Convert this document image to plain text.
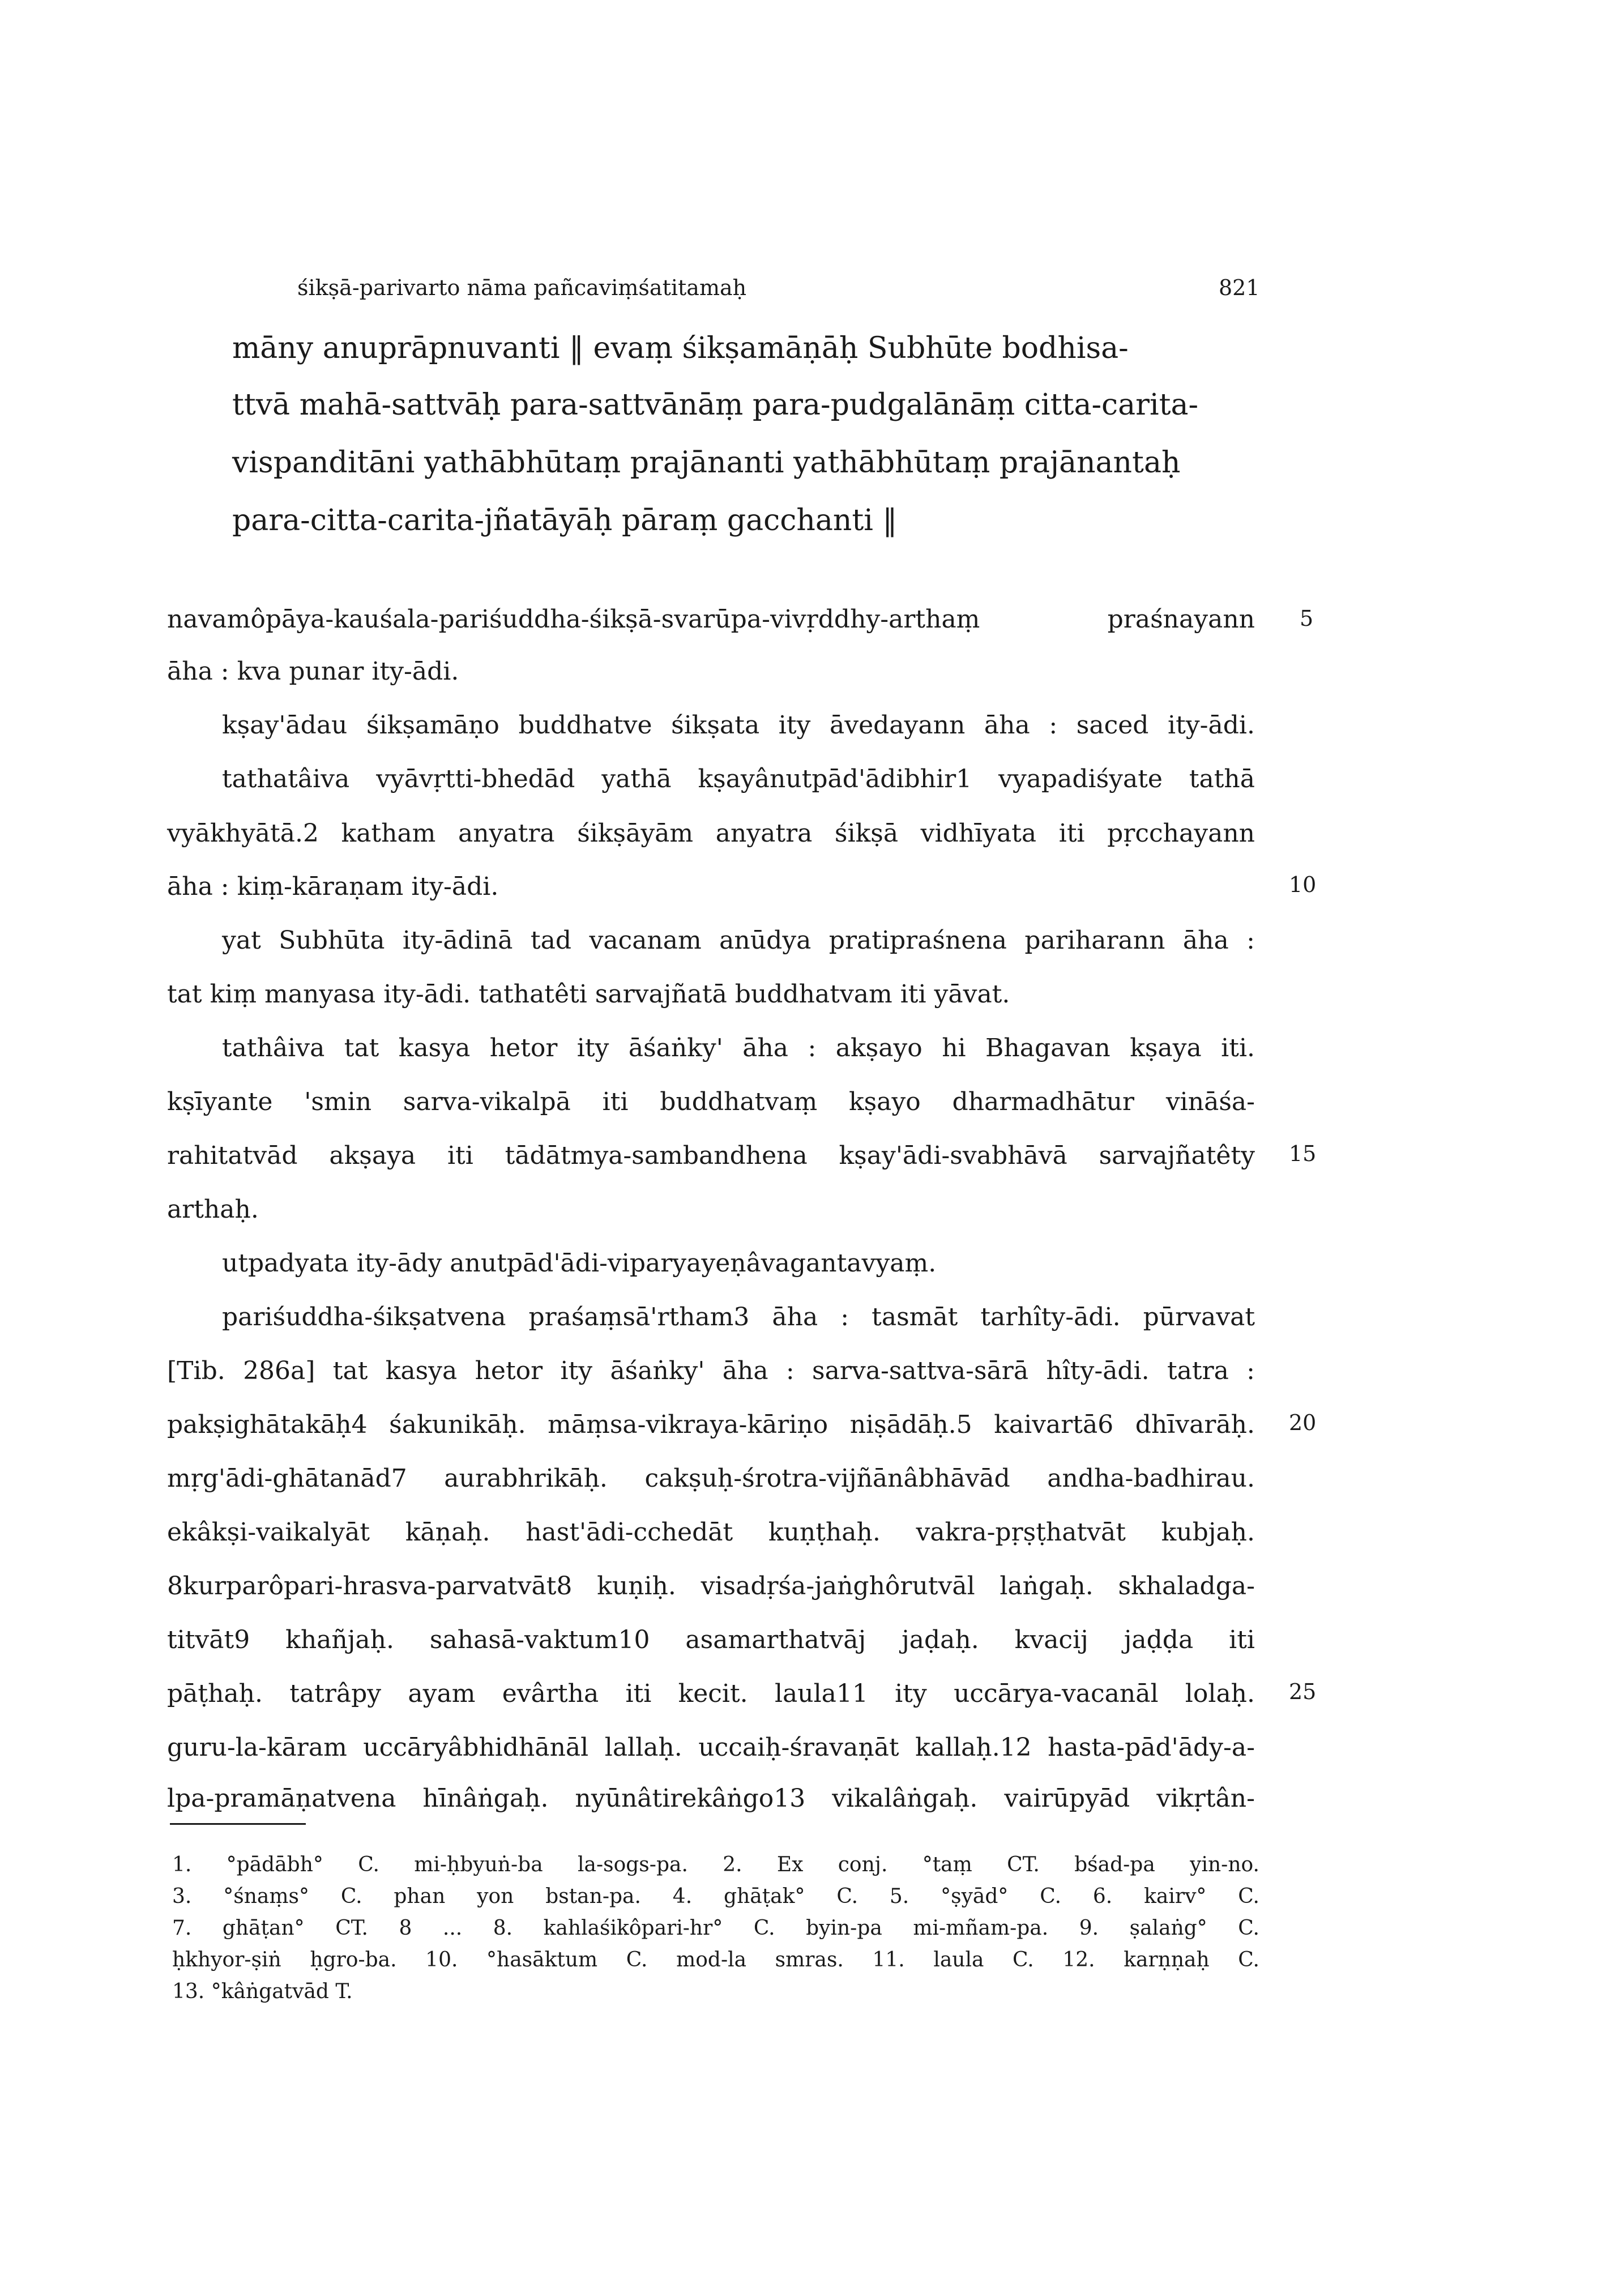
śikṣā-parivarto nāma pañcaviṃśatitamaḥ	821
māny anuprāpnuvanti ‖ evaṃ śikṣamāṇāḥ Subhūte bodhisa-
ttvā mahā-sattvāḥ para-sattvānāṃ para-pudgalānāṃ citta-carita-
vispanditāni yathābhūtaṃ prajānanti yathābhūtaṃ prajānantaḥ
para-citta-carita-jñatāyāḥ pāraṃ gacchanti ‖
navamôpāya-kauśala-pariśuddha-śikṣā-svarūpa-vivṛddhy-arthaṃ praśnayann
āha : kva punar ity-ādi.
kṣay'ādau śikṣamāṇo buddhatve śikṣata ity āvedayann āha : saced ity-ādi.
tathatâiva vyāvṛtti-bhedād yathā kṣayânutpād'ādibhir1 vyapadiśyate tathā
vyākhyātā.2 katham anyatra śikṣāyām anyatra śikṣā vidhīyata iti pṛcchayann
āha : kiṃ-kāraṇam ity-ādi.
yat Subhūta ity-ādinā tad vacanam anūdya pratipraśnena pariharann āha :
tat kiṃ manyasa ity-ādi. tathatêti sarvajñatā buddhatvam iti yāvat.
tathâiva tat kasya hetor ity āśaṅky' āha : akṣayo hi Bhagavan kṣaya iti.
kṣīyante 'smin sarva-vikalpā iti buddhatvaṃ kṣayo dharmadhātur vināśa-
rahitatvād akṣaya iti tādātmya-sambandhena kṣay'ādi-svabhāvā sarvajñatêty
arthaḥ.
utpadyata ity-ādy anutpād'ādi-viparyayeṇâvagantavyaṃ.
pariśuddha-śikṣatvena praśaṃsā'rtham3 āha : tasmāt tarhîty-ādi. pūrvavat
[Tib. 286a] tat kasya hetor ity āśaṅky' āha : sarva-sattva-sārā hîty-ādi. tatra :
pakṣighātakāḥ4 śakunikāḥ. māṃsa-vikraya-kāriṇo niṣādāḥ.5 kaivartā6 dhīvarāḥ.
mṛg'ādi-ghātanād7 aurabhrikāḥ. cakṣuḥ-śrotra-vijñānâbhāvād andha-badhirau.
ekâkṣi-vaikalyāt kāṇaḥ. hast'ādi-cchedāt kuṇṭhaḥ. vakra-pṛṣṭhatvāt kubjaḥ.
8kurparôpari-hrasva-parvatvāt8 kuṇiḥ. visadṛśa-jaṅghôrutvāl laṅgaḥ. skhaladga-
titvāt9 khañjaḥ. sahasā-vaktum10 asamarthatvāj jaḍaḥ. kvacij jaḍḍa iti
pāṭhaḥ. tatrâpy ayam evârtha iti kecit. laula11 ity uccārya-vacanāl lolaḥ.
guru-la-kāram uccāryâbhidhānāl lallaḥ. uccaiḥ-śravaṇāt kallaḥ.12 hasta-pād'ādy-a-
lpa-pramāṇatvena hīnâṅgaḥ. nyūnâtirekâṅgo13 vikalâṅgaḥ. vairūpyād vikṛtân-
5
10
15
20
25
1. °pādābh° C. mi-ḥbyuṅ-ba la-sogs-pa. 2. Ex conj. °taṃ CT. bśad-pa yin-no.
3. °śnaṃs° C. phan yon bstan-pa. 4. ghāṭak° C. 5. °ṣyād° C. 6. kairv° C.
7. ghāṭan° CT. 8 ... 8. kahlaśikôpari-hr° C. byin-pa mi-mñam-pa. 9. ṣalaṅg° C.
ḥkhyor-ṣiṅ ḥgro-ba. 10. °hasāktum C. mod-la smras. 11. laula C. 12. karṇṇaḥ C.
13. °kâṅgatvād T.
